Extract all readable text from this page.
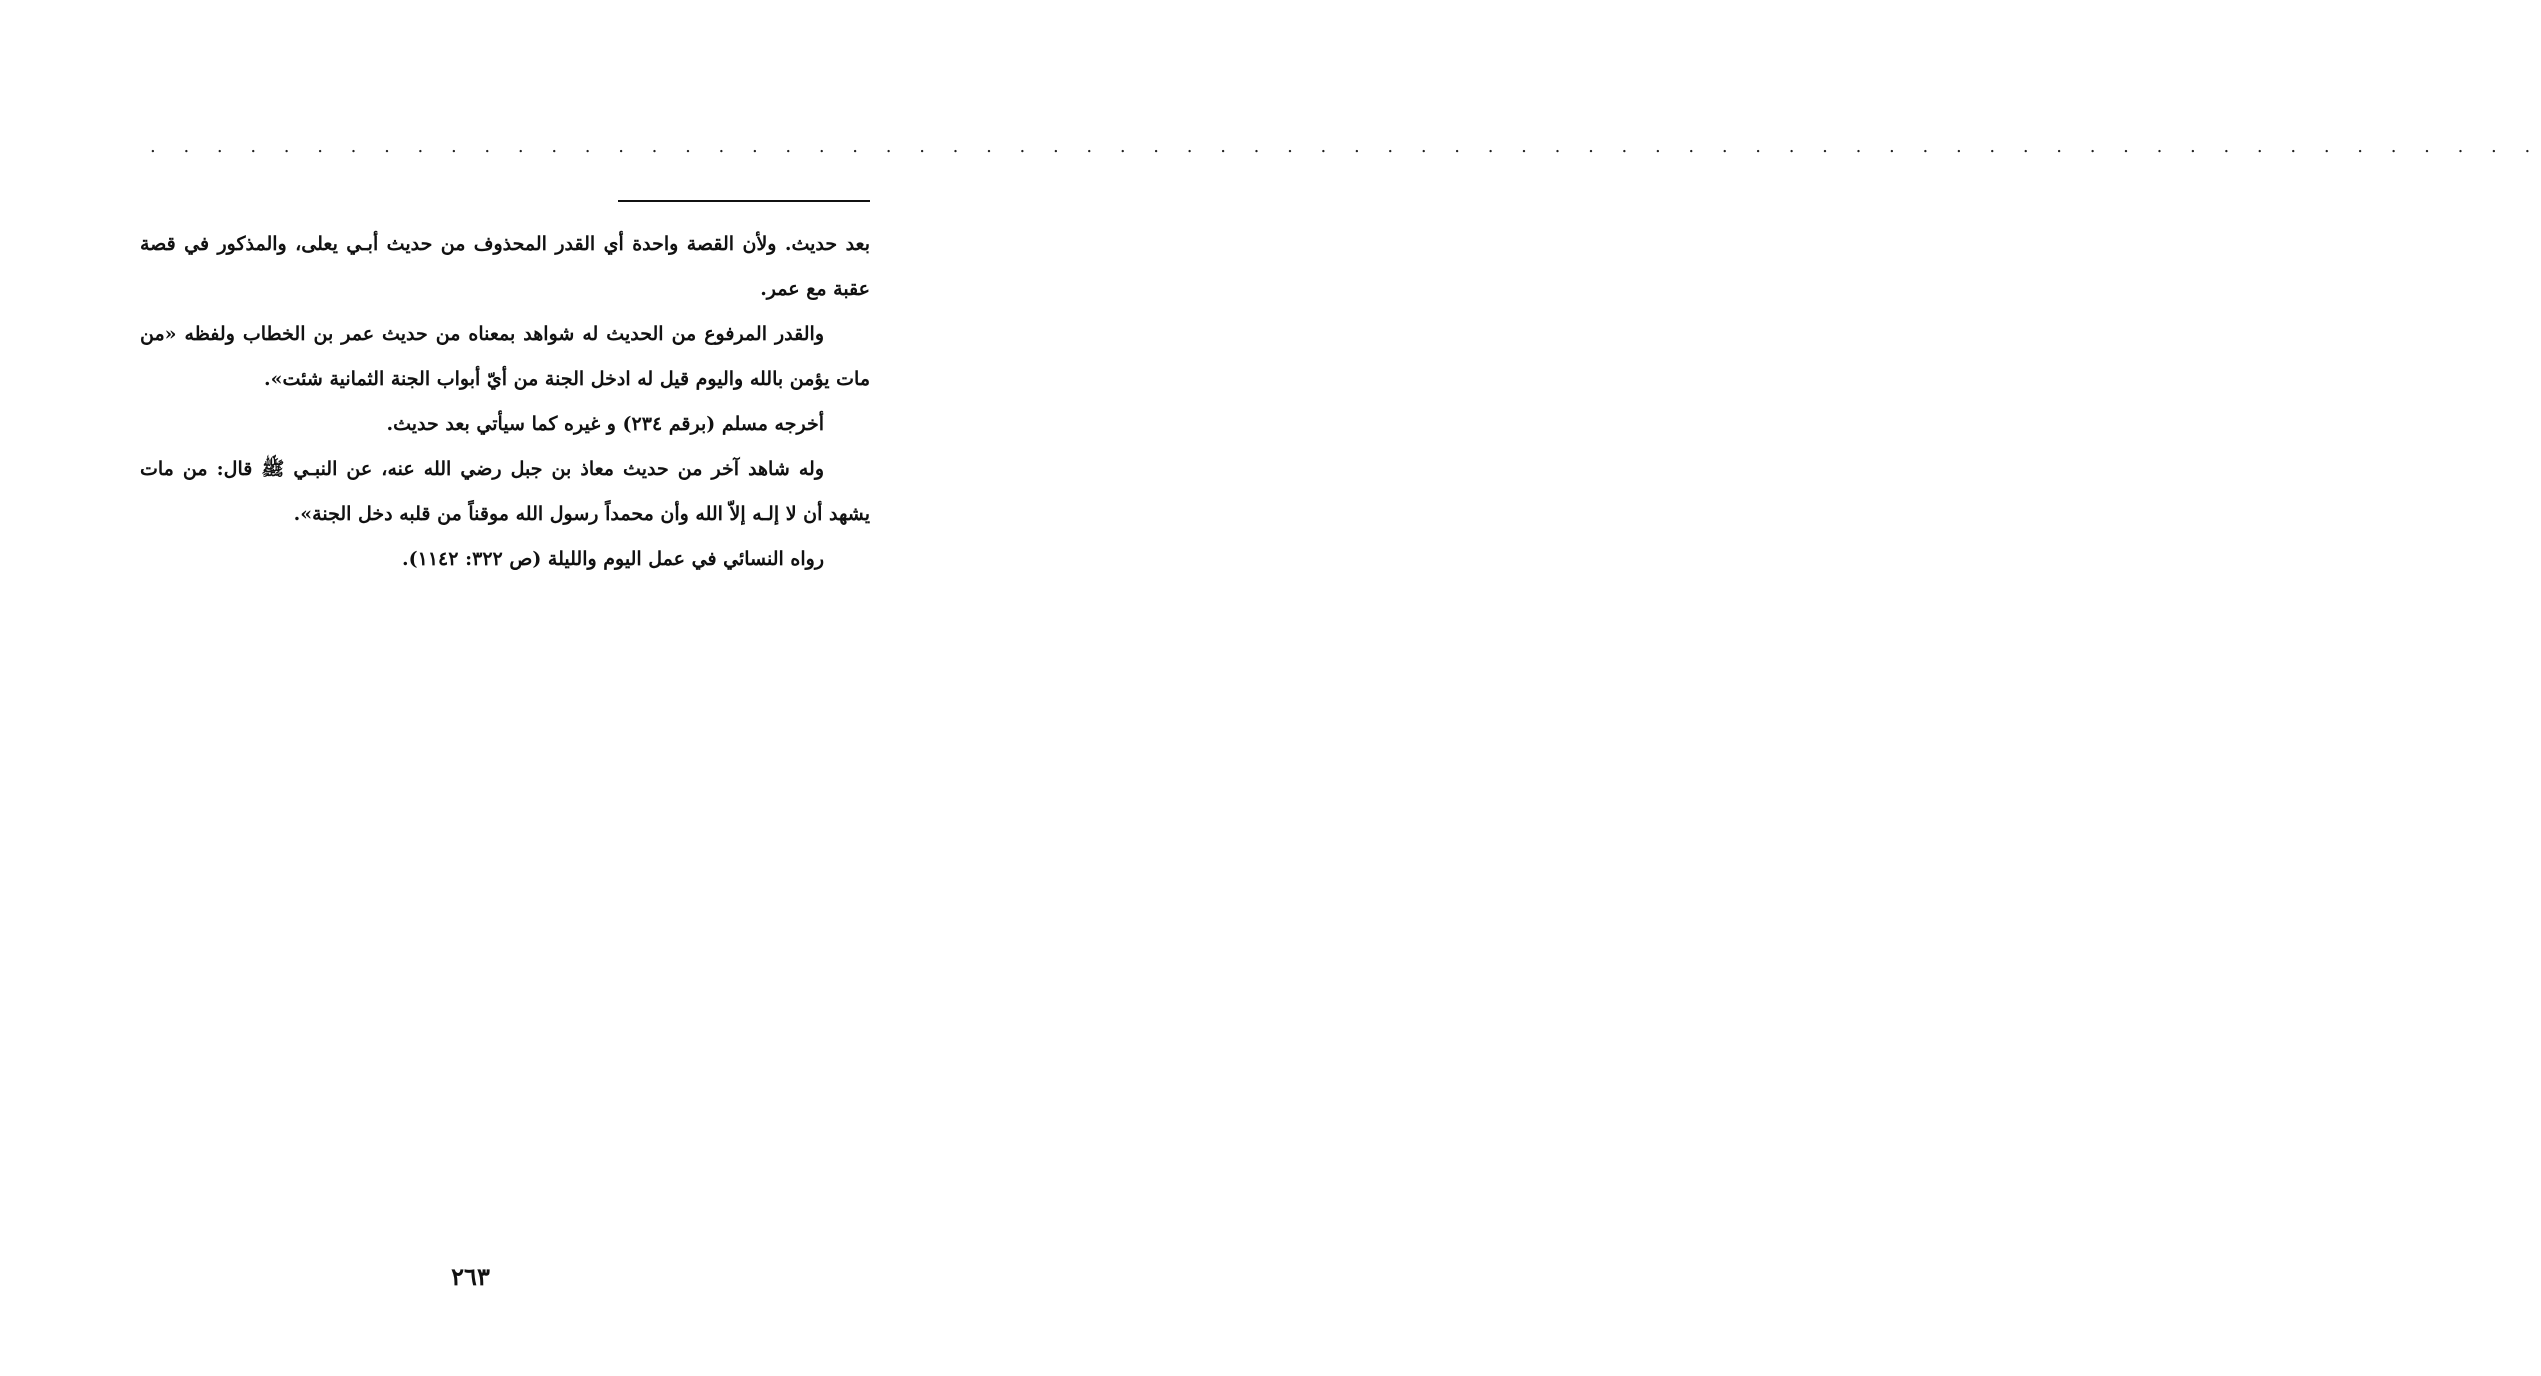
. . . . . . . . . . . . . . . . . . . . . . . . . . . . . . . . . . . . . . . . . . . . . . . . . . . . . . . . . . . . . . . . . . . . . . . .

بعد حديث. ولأن القصة واحدة أي القدر المحذوف من حديث أبـي يعلى، والمذكور في قصة عقبة مع عمر.

والقدر المرفوع من الحديث له شواهد بمعناه من حديث عمر بن الخطاب ولفظه «من مات يؤمن بالله واليوم قيل له ادخل الجنة من أيّ أبواب الجنة الثمانية شئت».

أخرجه مسلم (برقم ٢٣٤) و غيره كما سيأتي بعد حديث.

وله شاهد آخر من حديث معاذ بن جبل رضي الله عنه، عن النبـي ﷺ قال: من مات يشهد أن لا إلـه إلاّ الله وأن محمداً رسول الله موقناً من قلبه دخل الجنة».

رواه النسائي في عمل اليوم والليلة (ص ٣٢٢: ١١٤٢).

٢٦٣
